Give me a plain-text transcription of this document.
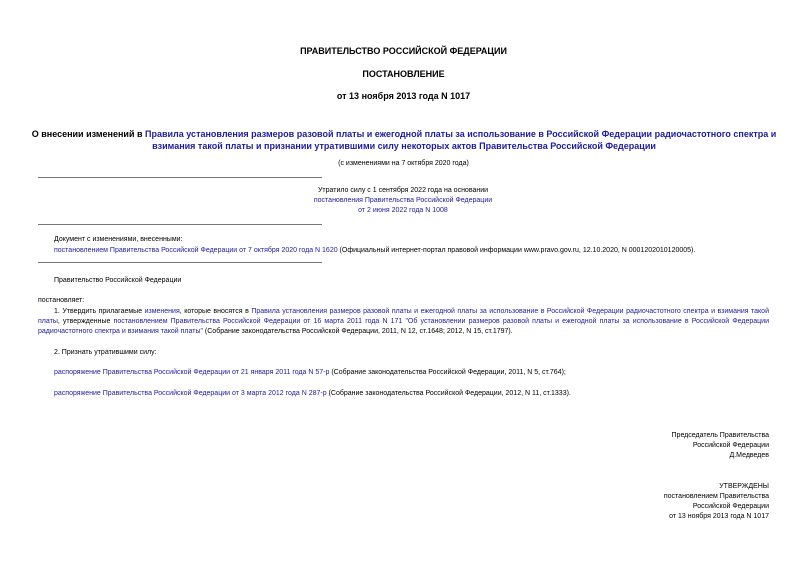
ПРАВИТЕЛЬСТВО РОССИЙСКОЙ ФЕДЕРАЦИИ
ПОСТАНОВЛЕНИЕ
от 13 ноября 2013 года N 1017
О внесении изменений в Правила установления размеров разовой платы и ежегодной платы за использование в Российской Федерации радиочастотного спектра и взимания такой платы и признании утратившими силу некоторых актов Правительства Российской Федерации
(с изменениями на 7 октября 2020 года)
Утратило силу с 1 сентября 2022 года на основании
постановления Правительства Российской Федерации
от 2 июня 2022 года N 1008
Документ с изменениями, внесенными:
постановлением Правительства Российской Федерации от 7 октября 2020 года N 1620 (Официальный интернет-портал правовой информации www.pravo.gov.ru, 12.10.2020, N 0001202010120005).
Правительство Российской Федерации
постановляет:
1. Утвердить прилагаемые изменения, которые вносятся в Правила установления размеров разовой платы и ежегодной платы за использование в Российской Федерации радиочастотного спектра и взимания такой платы, утвержденные постановлением Правительства Российской Федерации от 16 марта 2011 года N 171 "Об установлении размеров разовой платы и ежегодной платы за использование в Российской Федерации радиочастотного спектра и взимания такой платы" (Собрание законодательства Российской Федерации, 2011, N 12, ст.1648; 2012, N 15, ст.1797).
2. Признать утратившими силу:
распоряжение Правительства Российской Федерации от 21 января 2011 года N 57-р (Собрание законодательства Российской Федерации, 2011, N 5, ст.764);
распоряжение Правительства Российской Федерации от 3 марта 2012 года N 287-р (Собрание законодательства Российской Федерации, 2012, N 11, ст.1333).
Председатель Правительства
Российской Федерации
Д.Медведев
УТВЕРЖДЕНЫ
постановлением Правительства
Российской Федерации
от 13 ноября 2013 года N 1017
